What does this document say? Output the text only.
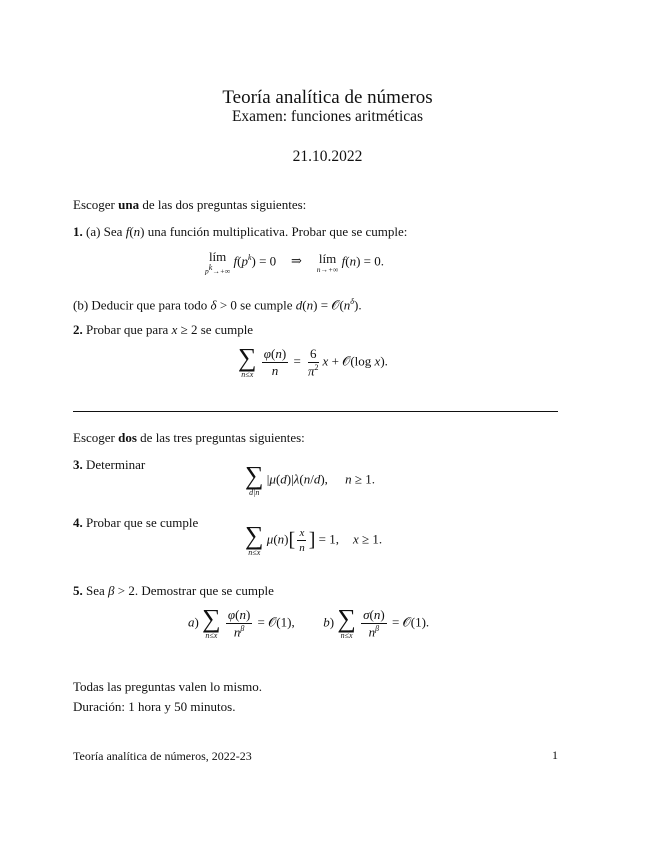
Teoría analítica de números
Examen: funciones aritméticas
21.10.2022
Escoger una de las dos preguntas siguientes:
1. (a) Sea f(n) una función multiplicativa. Probar que se cumple:
lím
$p^k\to+\infty$
$f(p^k) = 0$ ⇒ lím
n→+∞
f(n) = 0.
(b) Deducir que para todo δ > 0 se cumple $d(n) = 𝒪(n^\delta)$.
2. Probar que para x ≥ 2 se cumple
∑
n≤x
$\frac{\varphi(n)}{n} = \frac{6}{\pi^2}$ x + 𝒪(log x).
Escoger dos de las tres preguntas siguientes:
3. Determinar	∑
d|n
|μ(d)|λ(n/d), n ≥ 1.
4. Probar que se cumple ∑
n≤x
$\mu(n)[ \frac{x}{n}$ ] = 1, x ≥ 1.
5. Sea β > 2. Demostrar que se cumple
a) ∑
n≤x
$\frac{\varphi(n)}{n^\beta}$ = 𝒪(1),  b) ∑
n≤x
$\frac{\sigma(n)}{n^\beta}$ = 𝒪(1).
Todas las preguntas valen lo mismo.
Duración: 1 hora y 50 minutos.
Teoría analítica de números, 2022-23	1
